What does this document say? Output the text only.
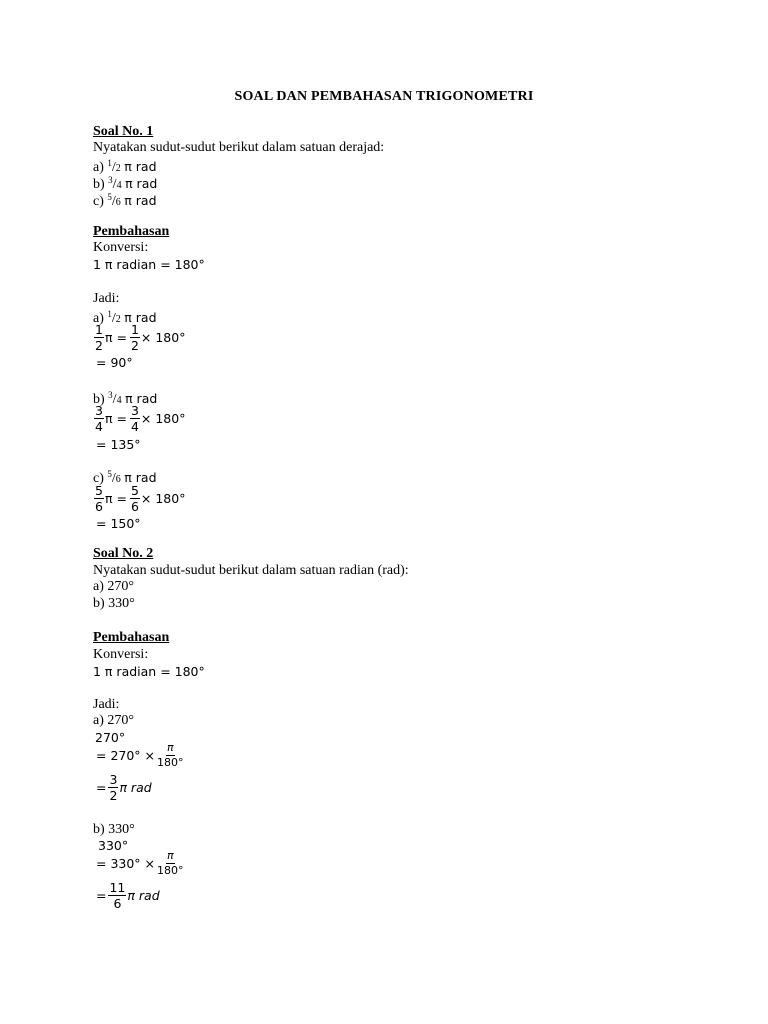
SOAL DAN PEMBAHASAN TRIGONOMETRI
Soal No. 1
Nyatakan sudut-sudut berikut dalam satuan derajad:
a) $^1$/2 π rad
b) $^3$/4 π rad
c) $^5$/6 π rad
Pembahasan
Konversi:
1 π radian = 180°
Jadi:
a) $^1$/2 π rad
$\frac{1}{2}$ $\pi = \frac{1}{2} \times 180^\circ$
= 90°
b) $^3$/4 π rad
$\frac{3}{4}$ $\pi = \frac{3}{4} \times 180^\circ$
= 135°
c) $^5$/6 π rad
$\frac{5}{6}$ $\pi = \frac{5}{6} \times 180^\circ$
= 150°
Soal No. 2
Nyatakan sudut-sudut berikut dalam satuan radian (rad):
a) 270°
b) 330°
Pembahasan
Konversi:
1 π radian = 180°
Jadi:
a) 270°
270°
= $270^\circ \times \frac{\pi}{180^\circ}$
= $\frac{3}{2}$ π rad
b) 330°
330°
= $330^\circ \times \frac{\pi}{180^\circ}$
= $\frac{11}{6}$ π rad
